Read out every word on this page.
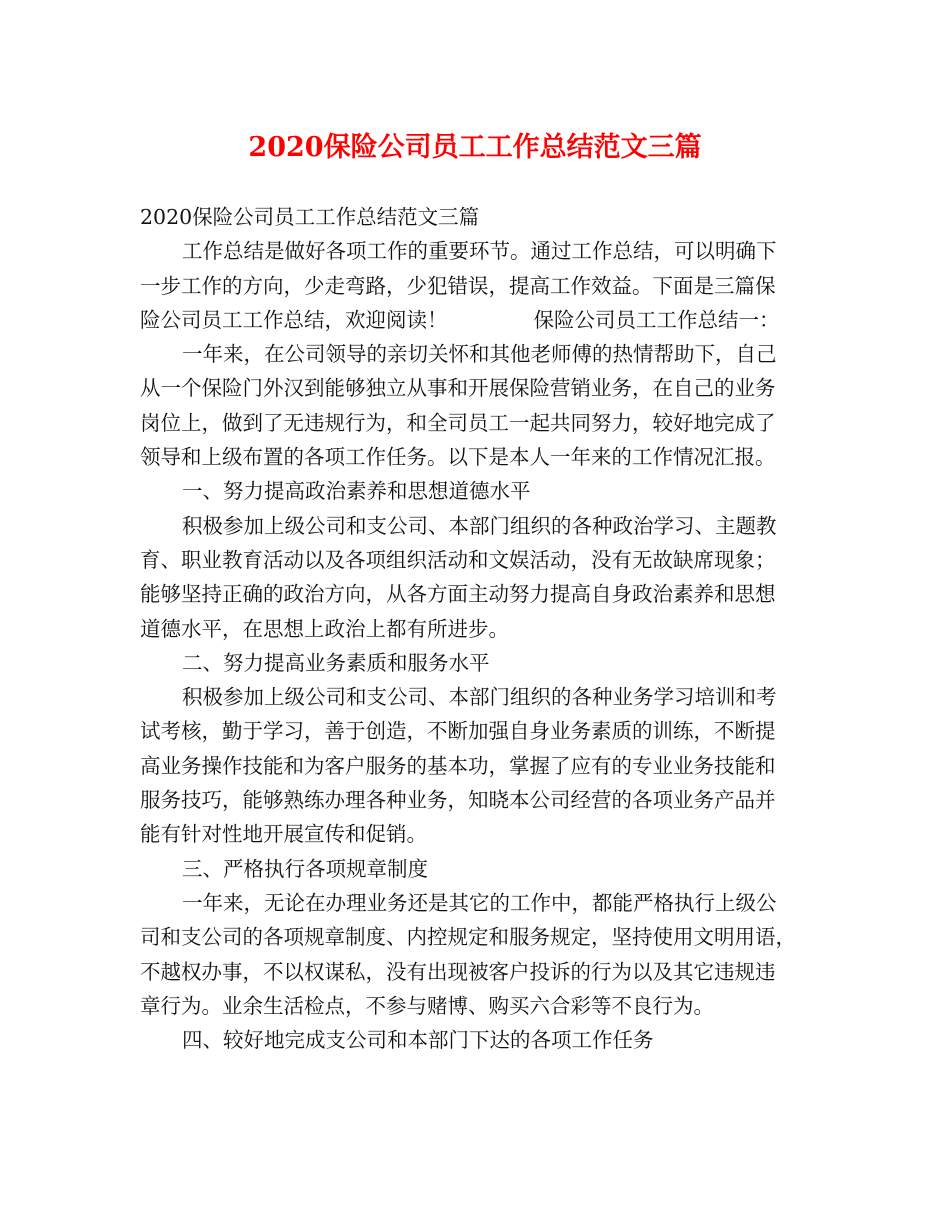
2020保险公司员工工作总结范文三篇

2020保险公司员工工作总结范文三篇

工作总结是做好各项工作的重要环节。通过工作总结，可以明确下

一步工作的方向，少走弯路，少犯错误，提高工作效益。下面是三篇保

险公司员工工作总结，欢迎阅读！	保险公司员工工作总结一：

一年来，在公司领导的亲切关怀和其他老师傅的热情帮助下，自己

从一个保险门外汉到能够独立从事和开展保险营销业务，在自己的业务

岗位上，做到了无违规行为，和全司员工一起共同努力，较好地完成了

领导和上级布置的各项工作任务。以下是本人一年来的工作情况汇报。

一、努力提高政治素养和思想道德水平

积极参加上级公司和支公司、本部门组织的各种政治学习、主题教

育、职业教育活动以及各项组织活动和文娱活动，没有无故缺席现象；

能够坚持正确的政治方向，从各方面主动努力提高自身政治素养和思想

道德水平，在思想上政治上都有所进步。

二、努力提高业务素质和服务水平

积极参加上级公司和支公司、本部门组织的各种业务学习培训和考

试考核，勤于学习，善于创造，不断加强自身业务素质的训练，不断提

高业务操作技能和为客户服务的基本功，掌握了应有的专业业务技能和

服务技巧，能够熟练办理各种业务，知晓本公司经营的各项业务产品并

能有针对性地开展宣传和促销。

三、严格执行各项规章制度

一年来，无论在办理业务还是其它的工作中，都能严格执行上级公

司和支公司的各项规章制度、内控规定和服务规定，坚持使用文明用语，

不越权办事，不以权谋私，没有出现被客户投诉的行为以及其它违规违

章行为。业余生活检点，不参与赌博、购买六合彩等不良行为。

四、较好地完成支公司和本部门下达的各项工作任务
